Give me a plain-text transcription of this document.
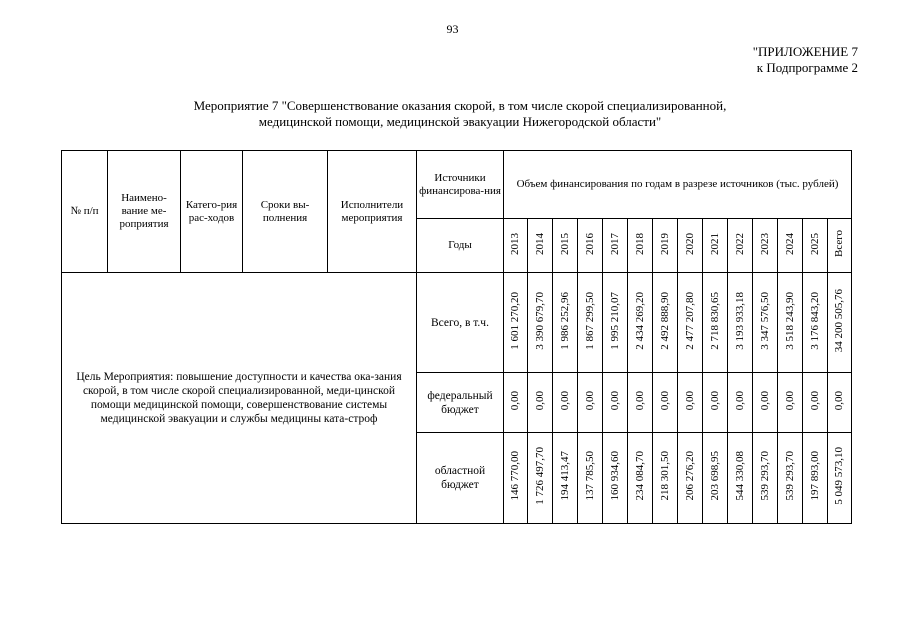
93
"ПРИЛОЖЕНИЕ 7
к Подпрограмме 2
Мероприятие 7 "Совершенствование оказания скорой, в том числе скорой специализированной,
медицинской помощи, медицинской эвакуации Нижегородской области"
№ п/п	Наимено-вание ме-роприятия	Катего-рия рас-ходов	Сроки вы-полнения	Исполнители мероприятия	Источники финансирова-ния	Объем финансирования по годам в разрезе источников (тыс. рублей)													
					Годы	2013	2014	2015	2016	2017	2018	2019	2020	2021	2022	2023	2024	2025	Всего
Цель Мероприятия: повышение доступности и качества ока-зания скорой, в том числе скорой специализированной, меди-цинской помощи медицинской помощи, совершенствование системы медицинской эвакуации и службы медицины ката-строф					Всего, в т.ч.	1 601 270,20	3 390 679,70	1 986 252,96	1 867 299,50	1 995 210,07	2 434 269,20	2 492 888,90	2 477 207,80	2 718 830,65	3 193 933,18	3 347 576,50	3 518 243,90	3 176 843,20	34 200 505,76
					федеральный бюджет	0,00	0,00	0,00	0,00	0,00	0,00	0,00	0,00	0,00	0,00	0,00	0,00	0,00	0,00
					областной бюджет	146 770,00	1 726 497,70	194 413,47	137 785,50	160 934,60	234 084,70	218 301,50	206 276,20	203 698,95	544 330,08	539 293,70	539 293,70	197 893,00	5 049 573,10
